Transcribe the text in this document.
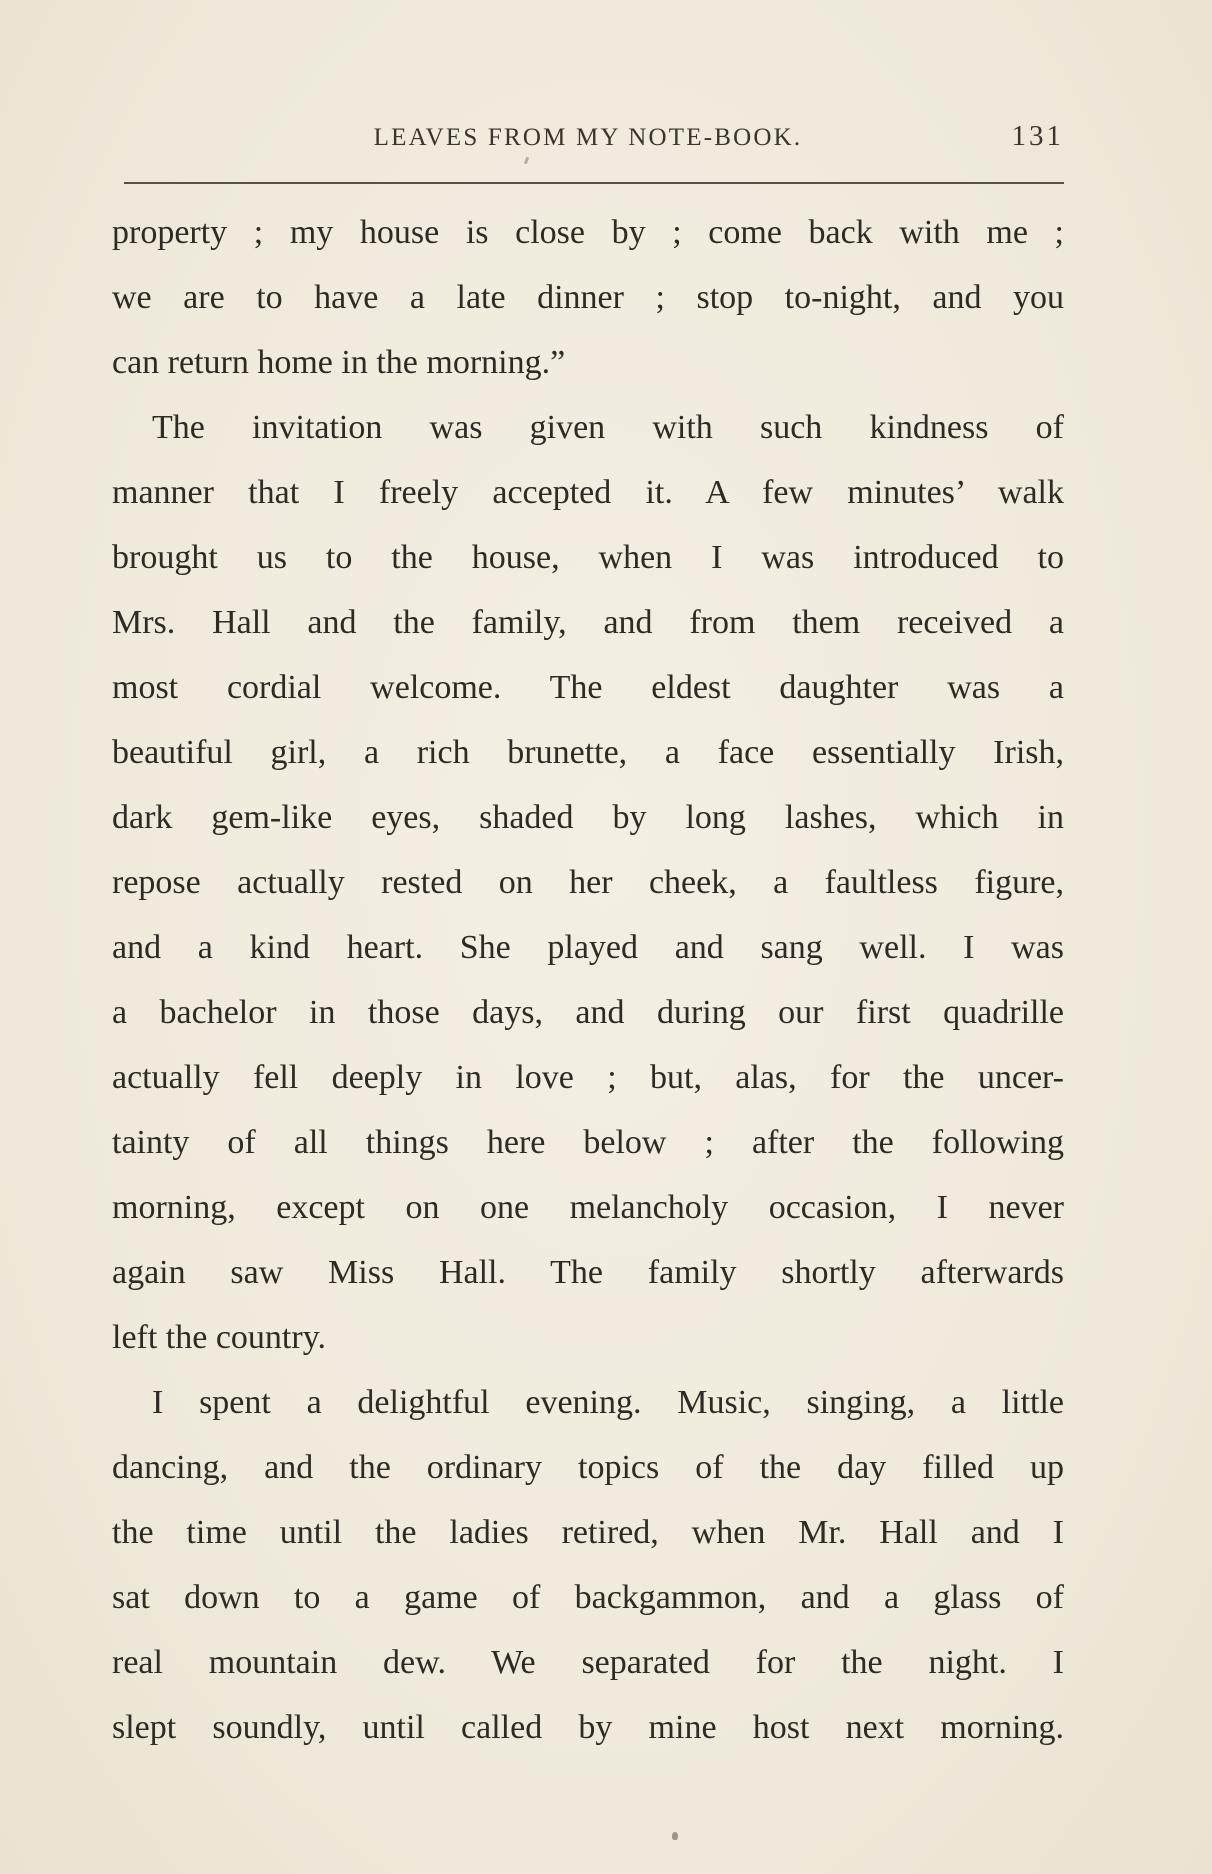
LEAVES FROM MY NOTE-BOOK.	131
property ; my house is close by ; come back with me ;
we are to have a late dinner ; stop to-night, and you
can return home in the morning.”
The invitation was given with such kindness of
manner that I freely accepted it. A few minutes’ walk
brought us to the house, when I was introduced to
Mrs. Hall and the family, and from them received a
most cordial welcome. The eldest daughter was a
beautiful girl, a rich brunette, a face essentially Irish,
dark gem-like eyes, shaded by long lashes, which in
repose actually rested on her cheek, a faultless figure,
and a kind heart. She played and sang well. I was
a bachelor in those days, and during our first quadrille
actually fell deeply in love ; but, alas, for the uncer-
tainty of all things here below ; after the following
morning, except on one melancholy occasion, I never
again saw Miss Hall. The family shortly afterwards
left the country.
I spent a delightful evening. Music, singing, a little
dancing, and the ordinary topics of the day filled up
the time until the ladies retired, when Mr. Hall and I
sat down to a game of backgammon, and a glass of
real mountain dew. We separated for the night. I
slept soundly, until called by mine host next morning.
